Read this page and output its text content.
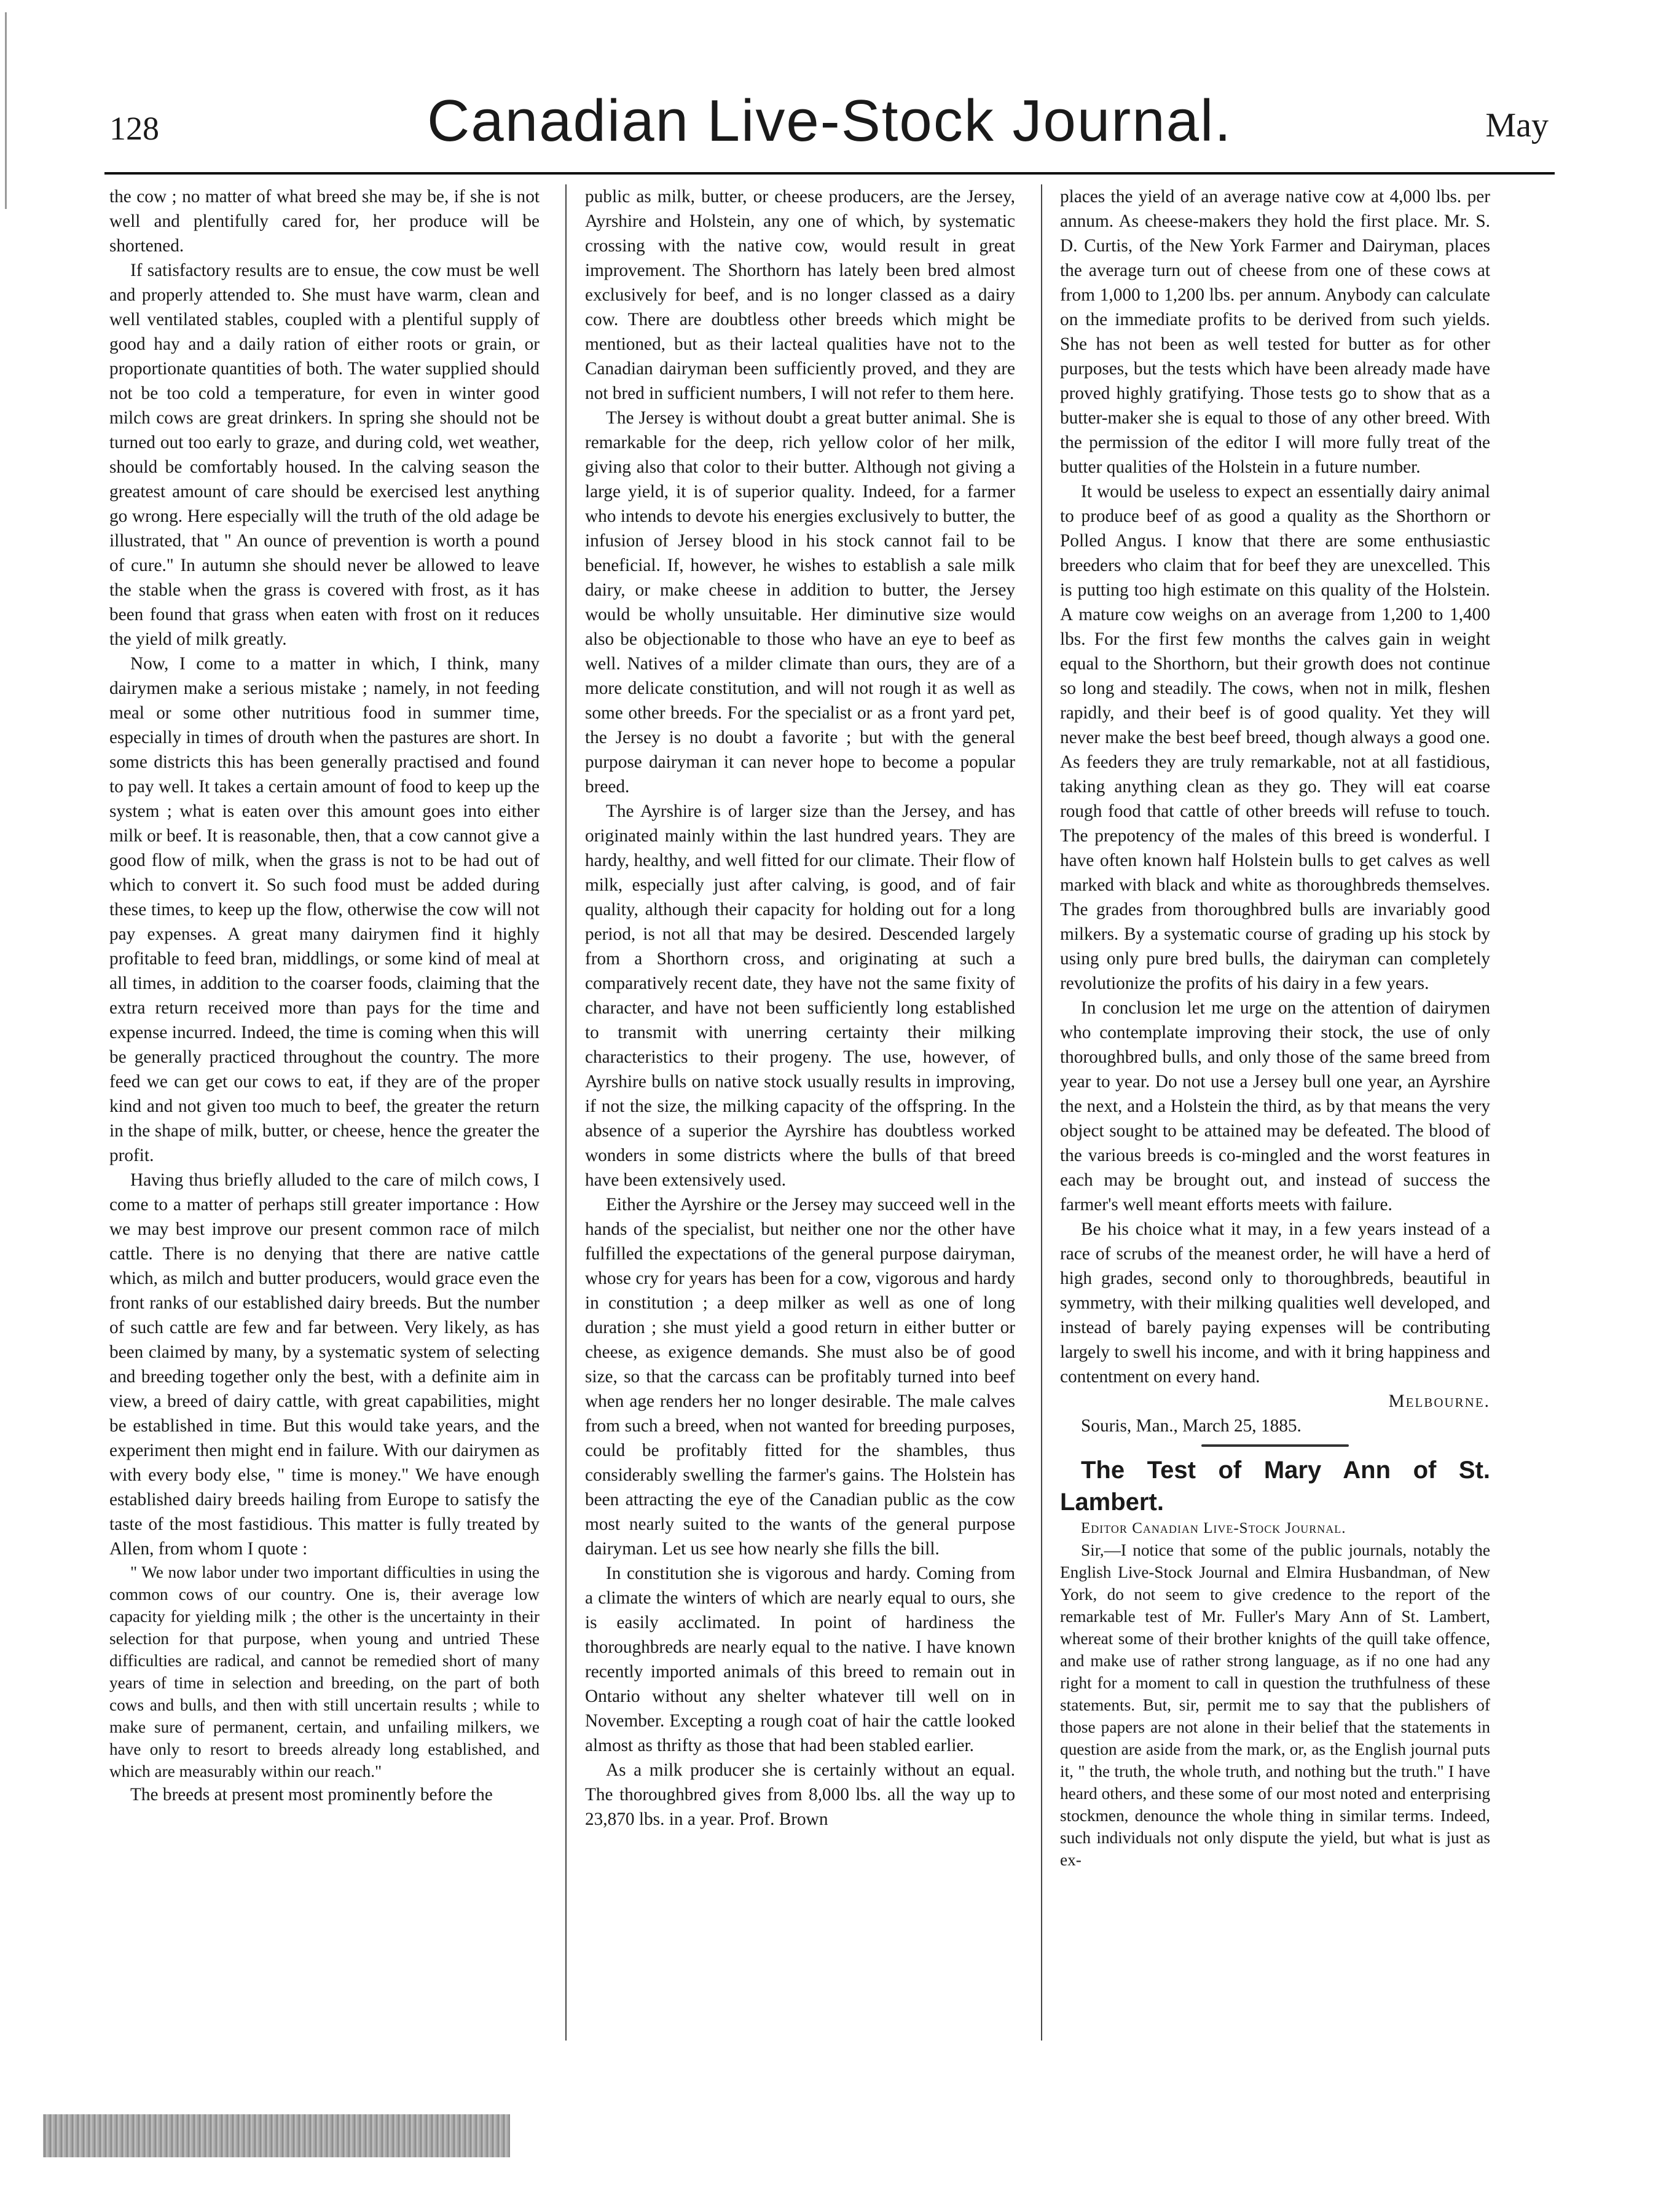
128	Canadian Live-Stock Journal.	May

the cow ; no matter of what breed she may be, if she is not well and plentifully cared for, her produce will be shortened.

If satisfactory results are to ensue, the cow must be well and properly attended to. She must have warm, clean and well ventilated stables, coupled with a plentiful supply of good hay and a daily ration of either roots or grain, or proportionate quantities of both. The water supplied should not be too cold a temperature, for even in winter good milch cows are great drinkers. In spring she should not be turned out too early to graze, and during cold, wet weather, should be comfortably housed. In the calving season the greatest amount of care should be exercised lest anything go wrong. Here especially will the truth of the old adage be illustrated, that " An ounce of prevention is worth a pound of cure." In autumn she should never be allowed to leave the stable when the grass is covered with frost, as it has been found that grass when eaten with frost on it reduces the yield of milk greatly.

Now, I come to a matter in which, I think, many dairymen make a serious mistake ; namely, in not feeding meal or some other nutritious food in summer time, especially in times of drouth when the pastures are short. In some districts this has been generally practised and found to pay well. It takes a certain amount of food to keep up the system ; what is eaten over this amount goes into either milk or beef. It is reasonable, then, that a cow cannot give a good flow of milk, when the grass is not to be had out of which to convert it. So such food must be added during these times, to keep up the flow, otherwise the cow will not pay expenses. A great many dairymen find it highly profitable to feed bran, middlings, or some kind of meal at all times, in addition to the coarser foods, claiming that the extra return received more than pays for the time and expense incurred. Indeed, the time is coming when this will be generally practiced throughout the country. The more feed we can get our cows to eat, if they are of the proper kind and not given too much to beef, the greater the return in the shape of milk, butter, or cheese, hence the greater the profit.

Having thus briefly alluded to the care of milch cows, I come to a matter of perhaps still greater importance : How we may best improve our present common race of milch cattle. There is no denying that there are native cattle which, as milch and butter producers, would grace even the front ranks of our established dairy breeds. But the number of such cattle are few and far between. Very likely, as has been claimed by many, by a systematic system of selecting and breeding together only the best, with a definite aim in view, a breed of dairy cattle, with great capabilities, might be established in time. But this would take years, and the experiment then might end in failure. With our dairymen as with every body else, " time is money." We have enough established dairy breeds hailing from Europe to satisfy the taste of the most fastidious. This matter is fully treated by Allen, from whom I quote :

" We now labor under two important difficulties in using the common cows of our country. One is, their average low capacity for yielding milk ; the other is the uncertainty in their selection for that purpose, when young and untried These difficulties are radical, and cannot be remedied short of many years of time in selection and breeding, on the part of both cows and bulls, and then with still uncertain results ; while to make sure of permanent, certain, and unfailing milkers, we have only to resort to breeds already long established, and which are measurably within our reach."

The breeds at present most prominently before the

public as milk, butter, or cheese producers, are the Jersey, Ayrshire and Holstein, any one of which, by systematic crossing with the native cow, would result in great improvement. The Shorthorn has lately been bred almost exclusively for beef, and is no longer classed as a dairy cow. There are doubtless other breeds which might be mentioned, but as their lacteal qualities have not to the Canadian dairyman been sufficiently proved, and they are not bred in sufficient numbers, I will not refer to them here.

The Jersey is without doubt a great butter animal. She is remarkable for the deep, rich yellow color of her milk, giving also that color to their butter. Although not giving a large yield, it is of superior quality. Indeed, for a farmer who intends to devote his energies exclusively to butter, the infusion of Jersey blood in his stock cannot fail to be beneficial. If, however, he wishes to establish a sale milk dairy, or make cheese in addition to butter, the Jersey would be wholly unsuitable. Her diminutive size would also be objectionable to those who have an eye to beef as well. Natives of a milder climate than ours, they are of a more delicate constitution, and will not rough it as well as some other breeds. For the specialist or as a front yard pet, the Jersey is no doubt a favorite ; but with the general purpose dairyman it can never hope to become a popular breed.

The Ayrshire is of larger size than the Jersey, and has originated mainly within the last hundred years. They are hardy, healthy, and well fitted for our climate. Their flow of milk, especially just after calving, is good, and of fair quality, although their capacity for holding out for a long period, is not all that may be desired. Descended largely from a Shorthorn cross, and originating at such a comparatively recent date, they have not the same fixity of character, and have not been sufficiently long established to transmit with unerring certainty their milking characteristics to their progeny. The use, however, of Ayrshire bulls on native stock usually results in improving, if not the size, the milking capacity of the offspring. In the absence of a superior the Ayrshire has doubtless worked wonders in some districts where the bulls of that breed have been extensively used.

Either the Ayrshire or the Jersey may succeed well in the hands of the specialist, but neither one nor the other have fulfilled the expectations of the general purpose dairyman, whose cry for years has been for a cow, vigorous and hardy in constitution ; a deep milker as well as one of long duration ; she must yield a good return in either butter or cheese, as exigence demands. She must also be of good size, so that the carcass can be profitably turned into beef when age renders her no longer desirable. The male calves from such a breed, when not wanted for breeding purposes, could be profitably fitted for the shambles, thus considerably swelling the farmer's gains. The Holstein has been attracting the eye of the Canadian public as the cow most nearly suited to the wants of the general purpose dairyman. Let us see how nearly she fills the bill.

In constitution she is vigorous and hardy. Coming from a climate the winters of which are nearly equal to ours, she is easily acclimated. In point of hardiness the thoroughbreds are nearly equal to the native. I have known recently imported animals of this breed to remain out in Ontario without any shelter whatever till well on in November. Excepting a rough coat of hair the cattle looked almost as thrifty as those that had been stabled earlier.

As a milk producer she is certainly without an equal. The thoroughbred gives from 8,000 lbs. all the way up to 23,870 lbs. in a year. Prof. Brown

places the yield of an average native cow at 4,000 lbs. per annum. As cheese-makers they hold the first place. Mr. S. D. Curtis, of the New York Farmer and Dairyman, places the average turn out of cheese from one of these cows at from 1,000 to 1,200 lbs. per annum. Anybody can calculate on the immediate profits to be derived from such yields. She has not been as well tested for butter as for other purposes, but the tests which have been already made have proved highly gratifying. Those tests go to show that as a butter-maker she is equal to those of any other breed. With the permission of the editor I will more fully treat of the butter qualities of the Holstein in a future number.

It would be useless to expect an essentially dairy animal to produce beef of as good a quality as the Shorthorn or Polled Angus. I know that there are some enthusiastic breeders who claim that for beef they are unexcelled. This is putting too high estimate on this quality of the Holstein. A mature cow weighs on an average from 1,200 to 1,400 lbs. For the first few months the calves gain in weight equal to the Shorthorn, but their growth does not continue so long and steadily. The cows, when not in milk, fleshen rapidly, and their beef is of good quality. Yet they will never make the best beef breed, though always a good one. As feeders they are truly remarkable, not at all fastidious, taking anything clean as they go. They will eat coarse rough food that cattle of other breeds will refuse to touch. The prepotency of the males of this breed is wonderful. I have often known half Holstein bulls to get calves as well marked with black and white as thoroughbreds themselves. The grades from thoroughbred bulls are invariably good milkers. By a systematic course of grading up his stock by using only pure bred bulls, the dairyman can completely revolutionize the profits of his dairy in a few years.

In conclusion let me urge on the attention of dairymen who contemplate improving their stock, the use of only thoroughbred bulls, and only those of the same breed from year to year. Do not use a Jersey bull one year, an Ayrshire the next, and a Holstein the third, as by that means the very object sought to be attained may be defeated. The blood of the various breeds is co-mingled and the worst features in each may be brought out, and instead of success the farmer's well meant efforts meets with failure.

Be his choice what it may, in a few years instead of a race of scrubs of the meanest order, he will have a herd of high grades, second only to thoroughbreds, beautiful in symmetry, with their milking qualities well developed, and instead of barely paying expenses will be contributing largely to swell his income, and with it bring happiness and contentment on every hand.

Melbourne.

Souris, Man., March 25, 1885.

The Test of Mary Ann of St. Lambert.

Editor Canadian Live-Stock Journal.

Sir,—I notice that some of the public journals, notably the English Live-Stock Journal and Elmira Husbandman, of New York, do not seem to give credence to the report of the remarkable test of Mr. Fuller's Mary Ann of St. Lambert, whereat some of their brother knights of the quill take offence, and make use of rather strong language, as if no one had any right for a moment to call in question the truthfulness of these statements. But, sir, permit me to say that the publishers of those papers are not alone in their belief that the statements in question are aside from the mark, or, as the English journal puts it, " the truth, the whole truth, and nothing but the truth." I have heard others, and these some of our most noted and enterprising stockmen, denounce the whole thing in similar terms. Indeed, such individuals not only dispute the yield, but what is just as ex-
